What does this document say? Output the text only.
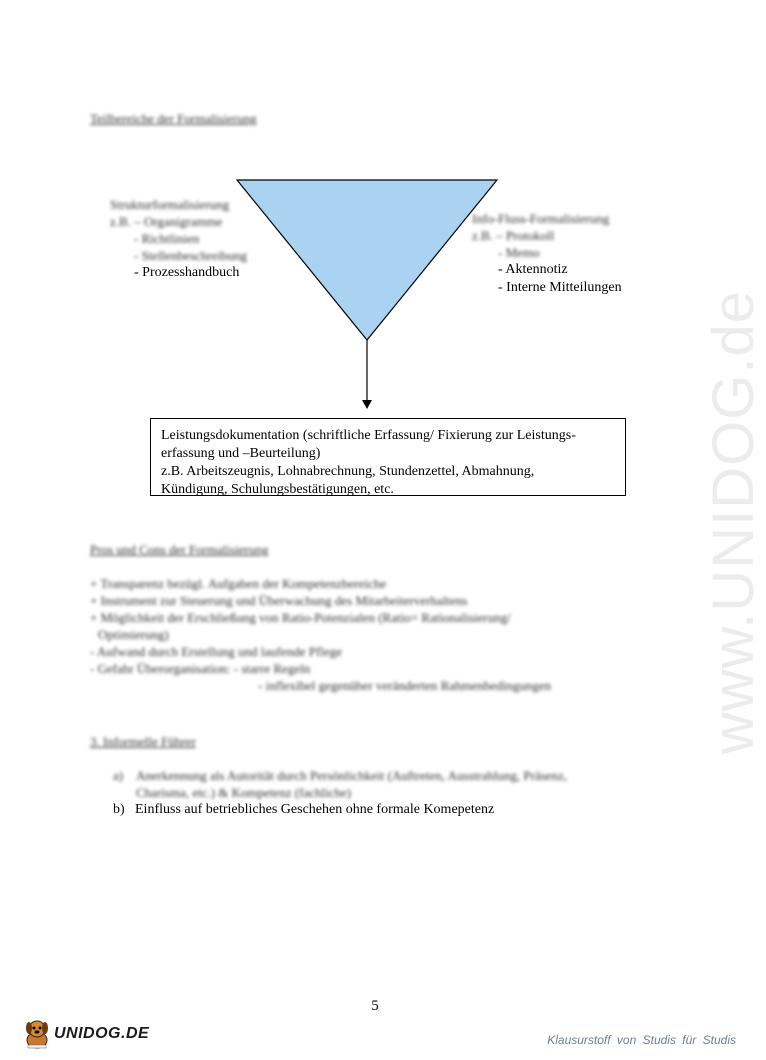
Teilbereiche der Formalisierung
Strukturformalisierung
z.B. – Organigramme
- Richtlinien
- Stellenbeschreibung
- Prozesshandbuch
Info-Fluss-Formalisierung
z.B. – Protokoll
- Memo
- Aktennotiz
- Interne Mitteilungen
Leistungsdokumentation (schriftliche Erfassung/ Fixierung zur Leistungs-
erfassung und –Beurteilung)
z.B. Arbeitszeugnis, Lohnabrechnung, Stundenzettel, Abmahnung,
Kündigung, Schulungsbestätigungen, etc.
Pros und Cons der Formalisierung
+ Transparenz bezügl. Aufgaben der Kompetenzbereiche
+ Instrument zur Steuerung und Überwachung des Mitarbeiterverhaltens
+ Möglichkeit der Erschließung von Ratio-Potenzialen (Ratio= Rationalisierung/
Optimierung)
- Aufwand durch Erstellung und laufende Pflege
- Gefahr Überorganisation: - starre Regeln
- inflexibel gegenüber veränderten Rahmenbedingungen
3. Informelle Führer
a) Anerkennung als Autorität durch Persönlichkeit (Auftreten, Ausstrahlung, Präsenz,
Charisma, etc.) & Kompetenz (fachliche)
b) Einfluss auf betriebliches Geschehen ohne formale Komepetenz
www.UNIDOG.de
5
UNIDOG.DE	Klausurstoff von Studis für Studis
